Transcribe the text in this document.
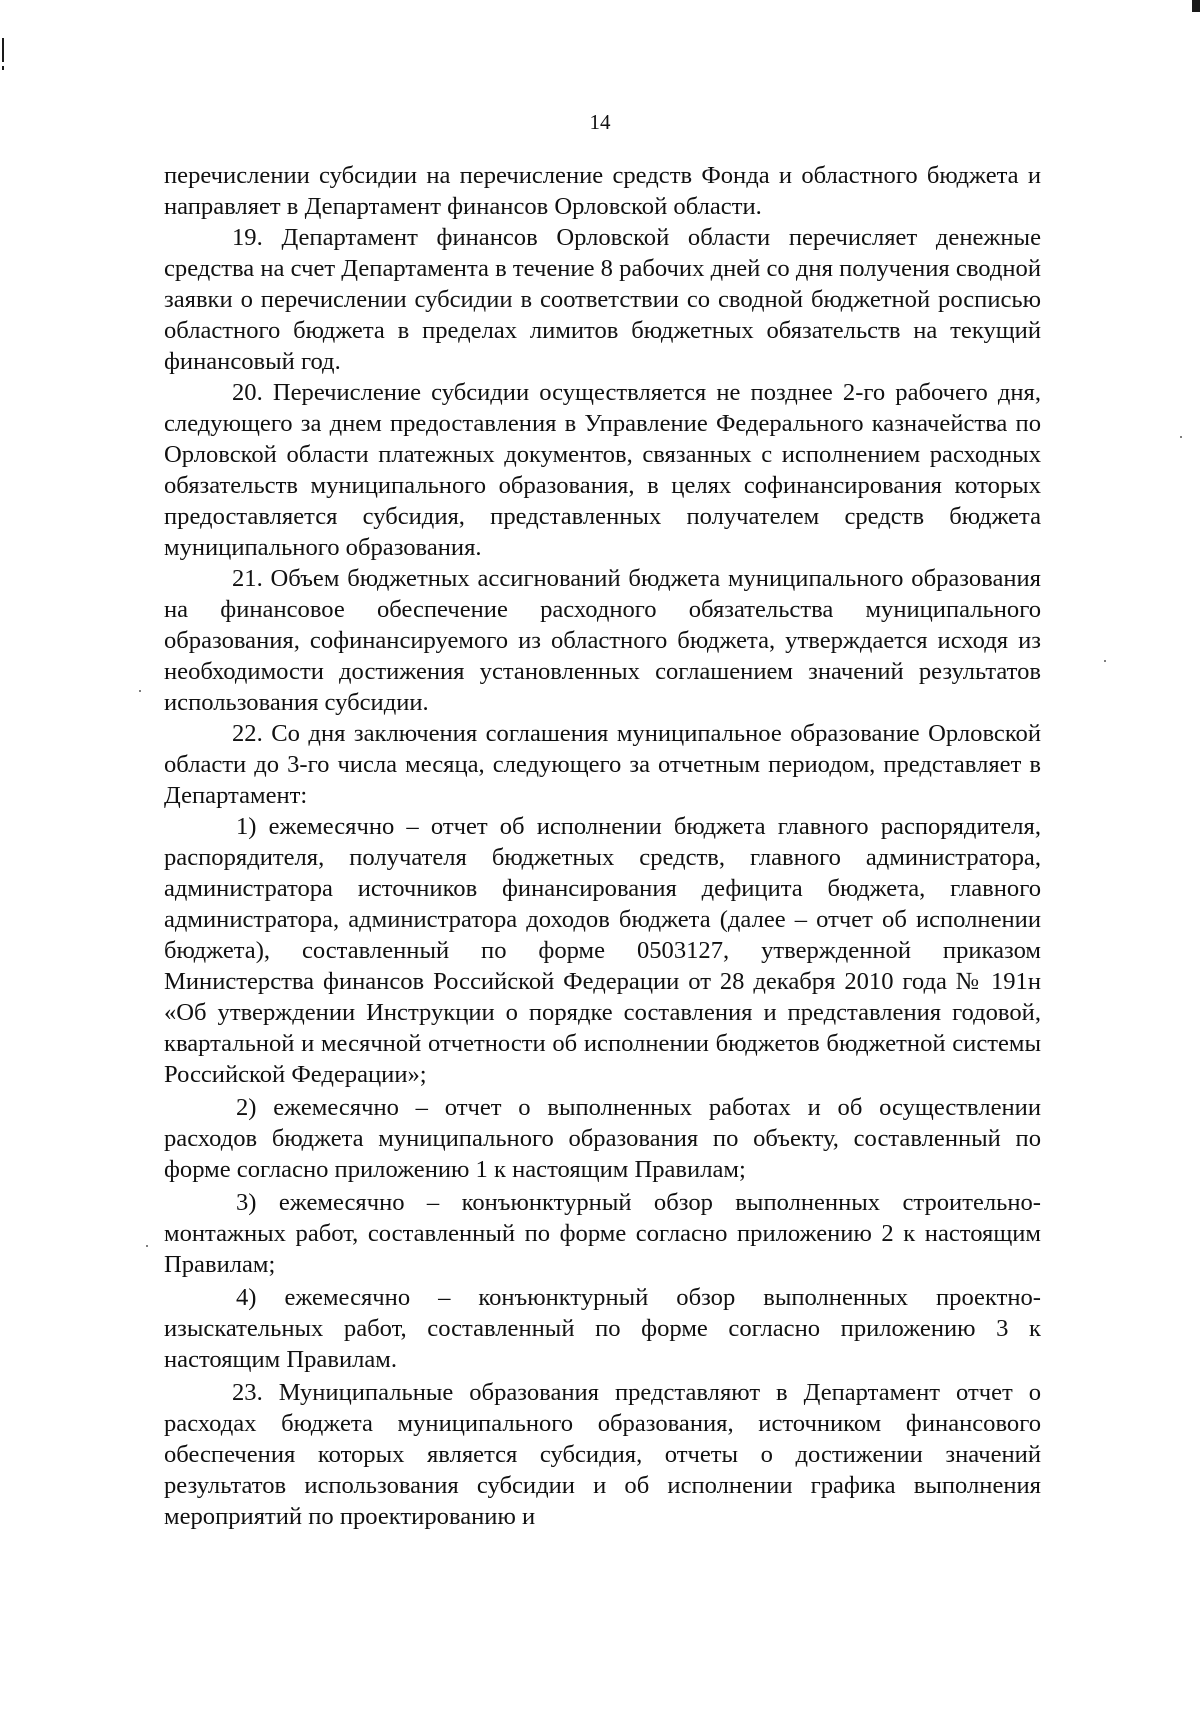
14

перечислении субсидии на перечисление средств Фонда и областного бюджета и направляет в Департамент финансов Орловской области.

19. Департамент финансов Орловской области перечисляет денежные средства на счет Департамента в течение 8 рабочих дней со дня получения сводной заявки о перечислении субсидии в соответствии со сводной бюджетной росписью областного бюджета в пределах лимитов бюджетных обязательств на текущий финансовый год.

20. Перечисление субсидии осуществляется не позднее 2-го рабочего дня, следующего за днем предоставления в Управление Федерального казначейства по Орловской области платежных документов, связанных с исполнением расходных обязательств муниципального образования, в целях софинансирования которых предоставляется субсидия, представленных получателем средств бюджета муниципального образования.

21. Объем бюджетных ассигнований бюджета муниципального образования на финансовое обеспечение расходного обязательства муниципального образования, софинансируемого из областного бюджета, утверждается исходя из необходимости достижения установленных соглашением значений результатов использования субсидии.

22. Со дня заключения соглашения муниципальное образование Орловской области до 3-го числа месяца, следующего за отчетным периодом, представляет в Департамент:

1) ежемесячно – отчет об исполнении бюджета главного распорядителя, распорядителя, получателя бюджетных средств, главного администратора, администратора источников финансирования дефицита бюджета, главного администратора, администратора доходов бюджета (далее – отчет об исполнении бюджета), составленный по форме 0503127, утвержденной приказом Министерства финансов Российской Федерации от 28 декабря 2010 года № 191н «Об утверждении Инструкции о порядке составления и представления годовой, квартальной и месячной отчетности об исполнении бюджетов бюджетной системы Российской Федерации»;

2) ежемесячно – отчет о выполненных работах и об осуществлении расходов бюджета муниципального образования по объекту, составленный по форме согласно приложению 1 к настоящим Правилам;

3) ежемесячно – конъюнктурный обзор выполненных строительно-монтажных работ, составленный по форме согласно приложению 2 к настоящим Правилам;

4) ежемесячно – конъюнктурный обзор выполненных проектно-изыскательных работ, составленный по форме согласно приложению 3 к настоящим Правилам.

23. Муниципальные образования представляют в Департамент отчет о расходах бюджета муниципального образования, источником финансового обеспечения которых является субсидия, отчеты о достижении значений результатов использования субсидии и об исполнении графика выполнения мероприятий по проектированию и
